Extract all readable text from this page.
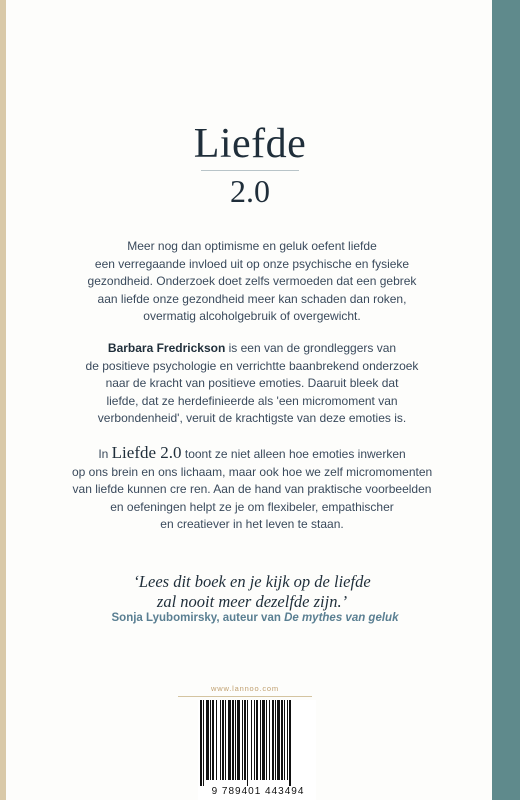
Liefde
2.0
Meer nog dan optimisme en geluk oefent liefde
een verregaande invloed uit op onze psychische en fysieke
gezondheid. Onderzoek doet zelfs vermoeden dat een gebrek
aan liefde onze gezondheid meer kan schaden dan roken,
overmatig alcoholgebruik of overgewicht.
Barbara Fredrickson is een van de grondleggers van
de positieve psychologie en verrichtte baanbrekend onderzoek
naar de kracht van positieve emoties. Daaruit bleek dat
liefde, dat ze herdefinieerde als 'een micromoment van
verbondenheid', veruit de krachtigste van deze emoties is.
In Liefde 2.0 toont ze niet alleen hoe emoties inwerken
op ons brein en ons lichaam, maar ook hoe we zelf micromomenten
van liefde kunnen cre ren. Aan de hand van praktische voorbeelden
en oefeningen helpt ze je om flexibeler, empathischer
en creatiever in het leven te staan.
‘Lees dit boek en je kijk op de liefde
zal nooit meer dezelfde zijn.’
Sonja Lyubomirsky, auteur van De mythes van geluk
www.lannoo.com
9 789401 443494
